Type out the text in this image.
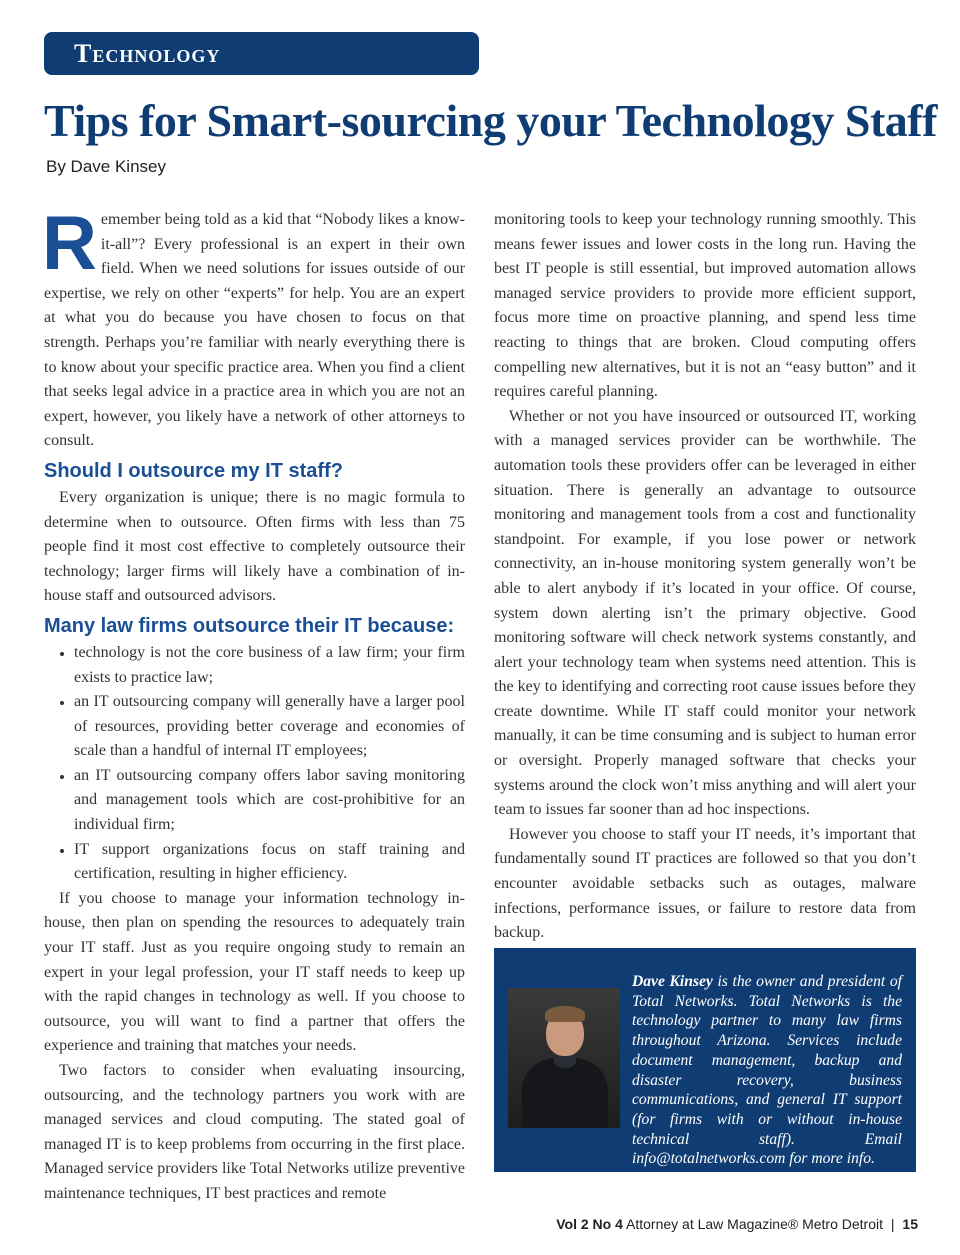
Technology
Tips for Smart-sourcing your Technology Staff
By Dave Kinsey

Remember being told as a kid that “Nobody likes a know-it-all”? Every professional is an expert in their own field. When we need solutions for issues outside of our expertise, we rely on other “experts” for help. You are an expert at what you do because you have chosen to focus on that strength. Perhaps you’re familiar with nearly everything there is to know about your specific practice area. When you find a client that seeks legal advice in a practice area in which you are not an expert, however, you likely have a network of other attorneys to consult.

Should I outsource my IT staff?

Every organization is unique; there is no magic formula to determine when to outsource. Often firms with less than 75 people find it most cost effective to completely outsource their technology; larger firms will likely have a combination of in-house staff and outsourced advisors.

Many law firms outsource their IT because:
• technology is not the core business of a law firm; your firm exists to practice law;
• an IT outsourcing company will generally have a larger pool of resources, providing better coverage and economies of scale than a handful of internal IT employees;
• an IT outsourcing company offers labor saving monitoring and management tools which are cost-prohibitive for an individual firm;
• IT support organizations focus on staff training and certification, resulting in higher efficiency.

If you choose to manage your information technology in-house, then plan on spending the resources to adequately train your IT staff. Just as you require ongoing study to remain an expert in your legal profession, your IT staff needs to keep up with the rapid changes in technology as well. If you choose to outsource, you will want to find a partner that offers the experience and training that matches your needs.

Two factors to consider when evaluating insourcing, outsourcing, and the technology partners you work with are managed services and cloud computing. The stated goal of managed IT is to keep problems from occurring in the first place. Managed service providers like Total Networks utilize preventive maintenance techniques, IT best practices and remote

monitoring tools to keep your technology running smoothly. This means fewer issues and lower costs in the long run. Having the best IT people is still essential, but improved automation allows managed service providers to provide more efficient support, focus more time on proactive planning, and spend less time reacting to things that are broken. Cloud computing offers compelling new alternatives, but it is not an “easy button” and it requires careful planning.

Whether or not you have insourced or outsourced IT, working with a managed services provider can be worthwhile. The automation tools these providers offer can be leveraged in either situation. There is generally an advantage to outsource monitoring and management tools from a cost and functionality standpoint. For example, if you lose power or network connectivity, an in-house monitoring system generally won’t be able to alert anybody if it’s located in your office. Of course, system down alerting isn’t the primary objective. Good monitoring software will check network systems constantly, and alert your technology team when systems need attention. This is the key to identifying and correcting root cause issues before they create downtime. While IT staff could monitor your network manually, it can be time consuming and is subject to human error or oversight. Properly managed software that checks your systems around the clock won’t miss anything and will alert your team to issues far sooner than ad hoc inspections.

However you choose to staff your IT needs, it’s important that fundamentally sound IT practices are followed so that you don’t encounter avoidable setbacks such as outages, malware infections, performance issues, or failure to restore data from backup.

Dave Kinsey is the owner and president of Total Networks. Total Networks is the technology partner to many law firms throughout Arizona. Services include document management, backup and disaster recovery, business communications, and general IT support (for firms with or without in-house technical staff). Email info@totalnetworks.com for more info.
Vol 2 No 4 Attorney at Law Magazine® Metro Detroit | 15
